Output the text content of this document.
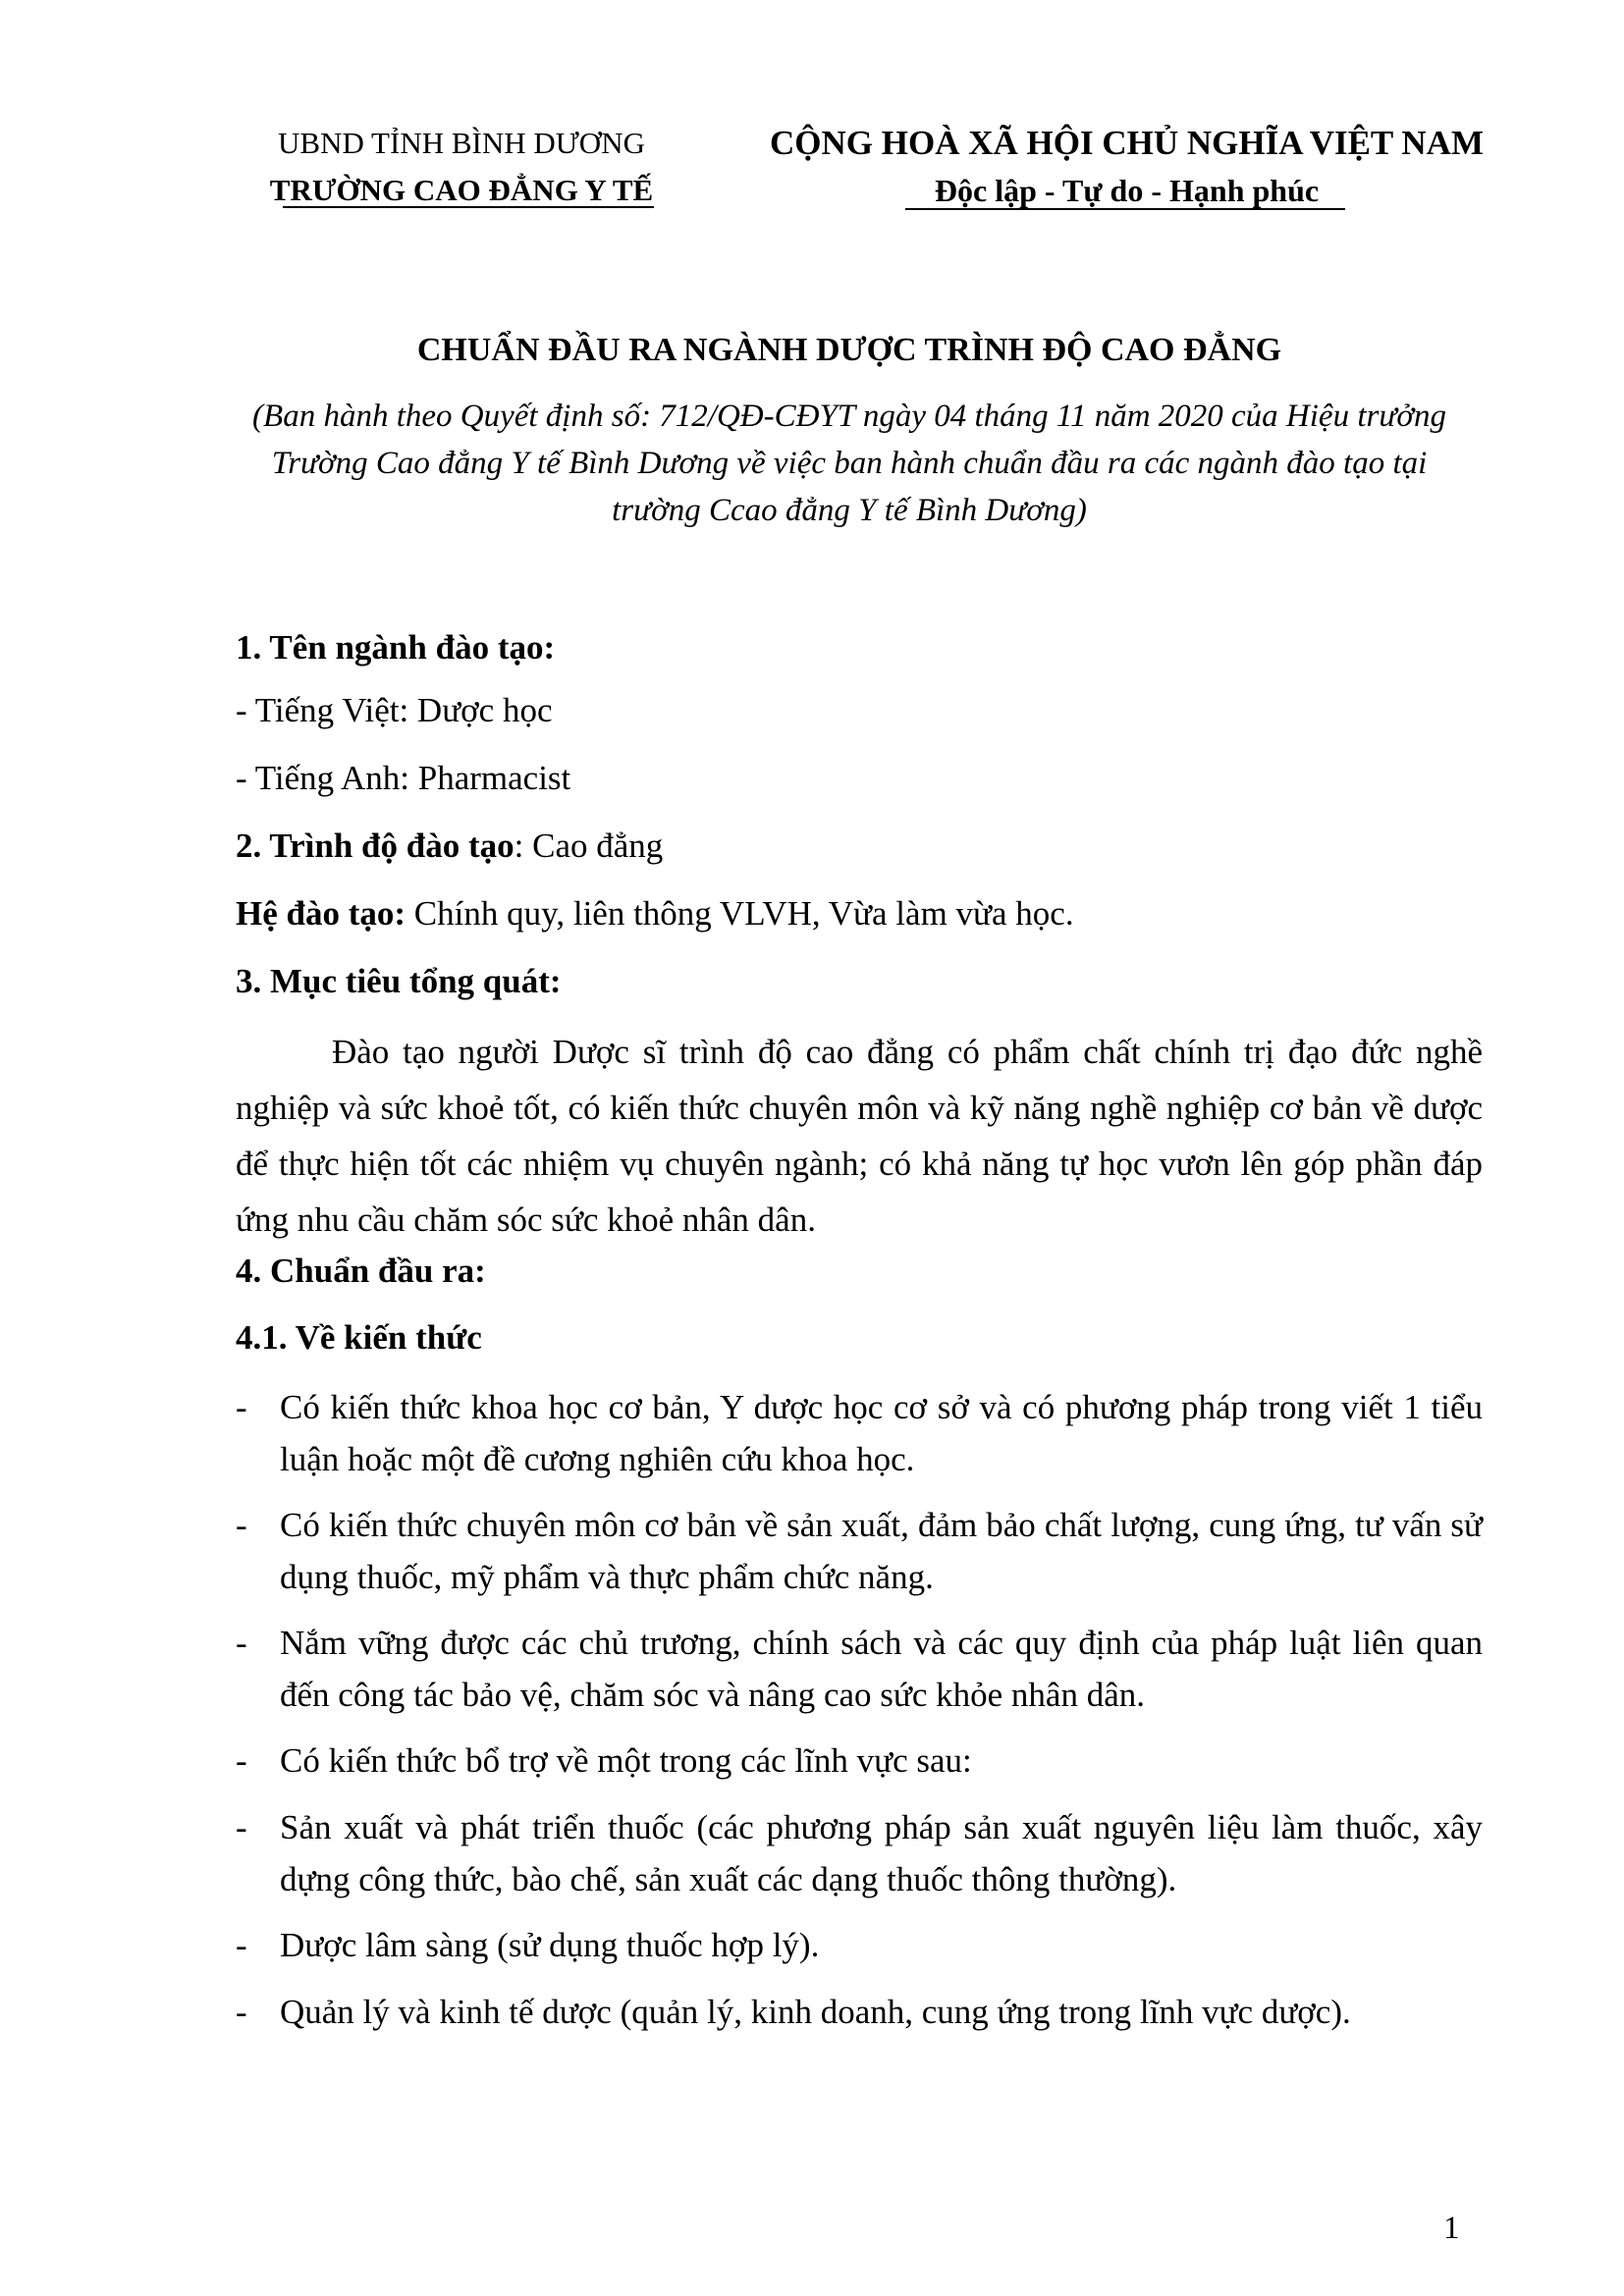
UBND TỈNH BÌNH DƯƠNG
TRƯỜNG CAO ĐẲNG Y TẾ
CỘNG HOÀ XÃ HỘI CHỦ NGHĨA VIỆT NAM
Độc lập - Tự do - Hạnh phúc
CHUẨN ĐẦU RA NGÀNH DƯỢC TRÌNH ĐỘ CAO ĐẲNG
(Ban hành theo Quyết định số: 712/QĐ-CĐYT ngày 04 tháng 11 năm 2020 của Hiệu trưởng Trường Cao đẳng Y tế Bình Dương về việc ban hành chuẩn đầu ra các ngành đào tạo tại trường Ccao đẳng Y tế Bình Dương)
1. Tên ngành đào tạo:
- Tiếng Việt: Dược học
- Tiếng Anh: Pharmacist
2. Trình độ đào tạo: Cao đẳng
Hệ đào tạo: Chính quy, liên thông VLVH, Vừa làm vừa học.
3. Mục tiêu tổng quát:
Đào tạo người Dược sĩ trình độ cao đẳng có phẩm chất chính trị đạo đức nghề nghiệp và sức khoẻ tốt, có kiến thức chuyên môn và kỹ năng nghề nghiệp cơ bản về dược để thực hiện tốt các nhiệm vụ chuyên ngành; có khả năng tự học vươn lên góp phần đáp ứng nhu cầu chăm sóc sức khoẻ nhân dân.
4. Chuẩn đầu ra:
4.1. Về kiến thức
- Có kiến thức khoa học cơ bản, Y dược học cơ sở và có phương pháp trong viết 1 tiểu luận hoặc một đề cương nghiên cứu khoa học.
- Có kiến thức chuyên môn cơ bản về sản xuất, đảm bảo chất lượng, cung ứng, tư vấn sử dụng thuốc, mỹ phẩm và thực phẩm chức năng.
- Nắm vững được các chủ trương, chính sách và các quy định của pháp luật liên quan đến công tác bảo vệ, chăm sóc và nâng cao sức khỏe nhân dân.
- Có kiến thức bổ trợ về một trong các lĩnh vực sau:
- Sản xuất và phát triển thuốc (các phương pháp sản xuất nguyên liệu làm thuốc, xây dựng công thức, bào chế, sản xuất các dạng thuốc thông thường).
- Dược lâm sàng (sử dụng thuốc hợp lý).
- Quản lý và kinh tế dược (quản lý, kinh doanh, cung ứng trong lĩnh vực dược).
1
